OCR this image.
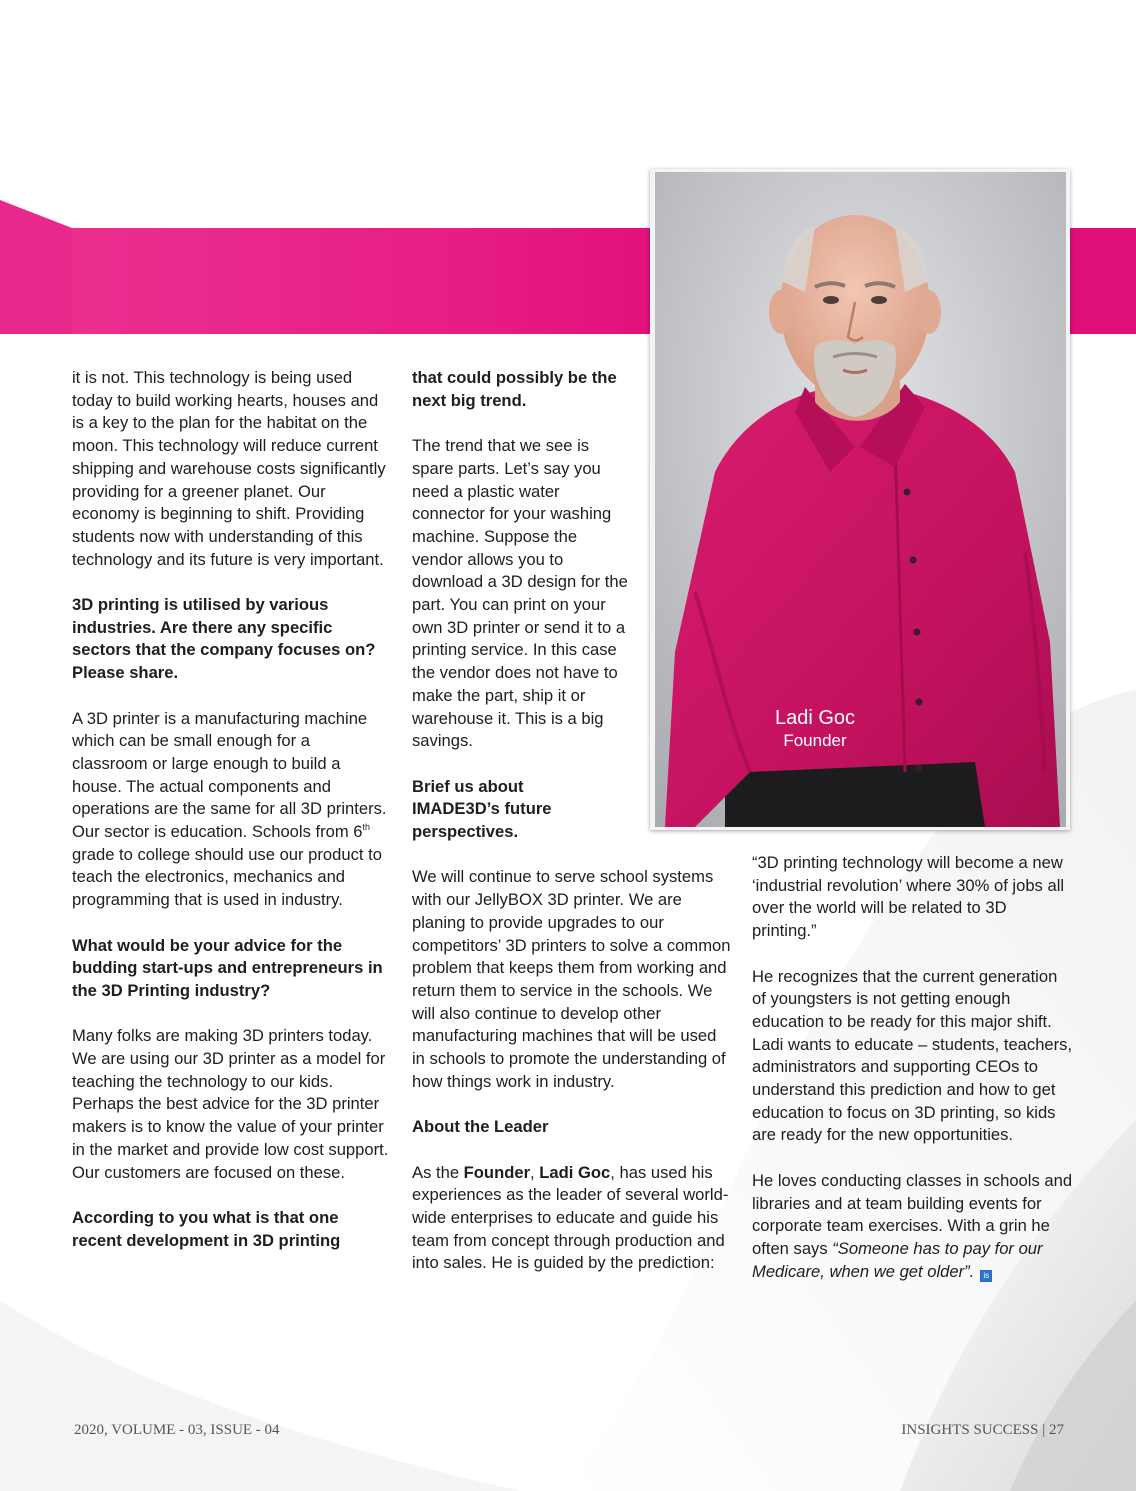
Ladi Goc
Founder

it is not. This technology is being used today to build working hearts, houses and is a key to the plan for the habitat on the moon. This technology will reduce current shipping and warehouse costs significantly providing for a greener planet. Our economy is beginning to shift. Providing students now with understanding of this technology and its future is very important.

3D printing is utilised by various industries. Are there any specific sectors that the company focuses on? Please share.

A 3D printer is a manufacturing machine which can be small enough for a classroom or large enough to build a house. The actual components and operations are the same for all 3D printers. Our sector is education. Schools from 6th grade to college should use our product to teach the electronics, mechanics and programming that is used in industry.

What would be your advice for the budding start-ups and entrepreneurs in the 3D Printing industry?

Many folks are making 3D printers today. We are using our 3D printer as a model for teaching the technology to our kids. Perhaps the best advice for the 3D printer makers is to know the value of your printer in the market and provide low cost support. Our customers are focused on these.

According to you what is that one recent development in 3D printing

that could possibly be the next big trend.

The trend that we see is spare parts. Let’s say you need a plastic water connector for your washing machine. Suppose the vendor allows you to download a 3D design for the part. You can print on your own 3D printer or send it to a printing service. In this case the vendor does not have to make the part, ship it or warehouse it. This is a big savings.

Brief us about IMADE3D’s future perspectives.

We will continue to serve school systems with our JellyBOX 3D printer. We are planing to provide upgrades to our competitors’ 3D printers to solve a common problem that keeps them from working and return them to service in the schools. We will also continue to develop other manufacturing machines that will be used in schools to promote the understanding of how things work in industry.

About the Leader

As the Founder, Ladi Goc, has used his experiences as the leader of several world-wide enterprises to educate and guide his team from concept through production and into sales. He is guided by the prediction:

“3D printing technology will become a new ‘industrial revolution’ where 30% of jobs all over the world will be related to 3D printing.”

He recognizes that the current generation of youngsters is not getting enough education to be ready for this major shift. Ladi wants to educate – students, teachers, administrators and supporting CEOs to understand this prediction and how to get education to focus on 3D printing, so kids are ready for the new opportunities.

He loves conducting classes in schools and libraries and at team building events for corporate team exercises. With a grin he often says “Someone has to pay for our Medicare, when we get older”. is

2020, VOLUME - 03, ISSUE - 04	INSIGHTS SUCCESS | 27
